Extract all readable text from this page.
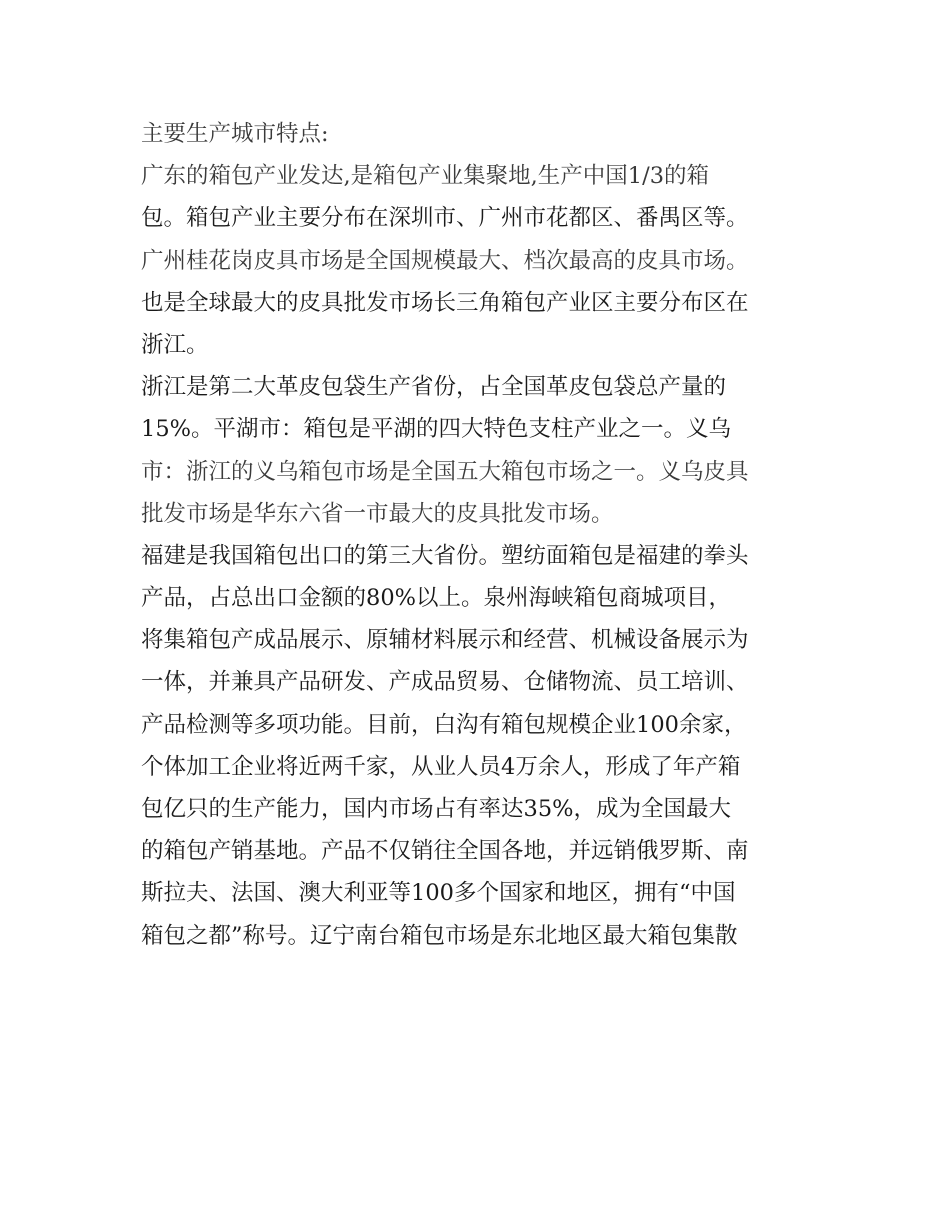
主要生产城市特点:
广东的箱包产业发达,是箱包产业集聚地,生产中国1/3的箱
包。箱包产业主要分布在深圳市、广州市花都区、番禺区等。
广州桂花岗皮具市场是全国规模最大、档次最高的皮具市场。
也是全球最大的皮具批发市场长三角箱包产业区主要分布区在
浙江。
浙江是第二大革皮包袋生产省份，占全国革皮包袋总产量的
15%。平湖市：箱包是平湖的四大特色支柱产业之一。义乌
市：浙江的义乌箱包市场是全国五大箱包市场之一。义乌皮具
批发市场是华东六省一市最大的皮具批发市场。
福建是我国箱包出口的第三大省份。塑纺面箱包是福建的拳头
产品，占总出口金额的80%以上。泉州海峡箱包商城项目，
将集箱包产成品展示、原辅材料展示和经营、机械设备展示为
一体，并兼具产品研发、产成品贸易、仓储物流、员工培训、
产品检测等多项功能。目前，白沟有箱包规模企业100余家，
个体加工企业将近两千家，从业人员4万余人，形成了年产箱
包亿只的生产能力，国内市场占有率达35%，成为全国最大
的箱包产销基地。产品不仅销往全国各地，并远销俄罗斯、南
斯拉夫、法国、澳大利亚等100多个国家和地区，拥有“中国
箱包之都”称号。辽宁南台箱包市场是东北地区最大箱包集散
